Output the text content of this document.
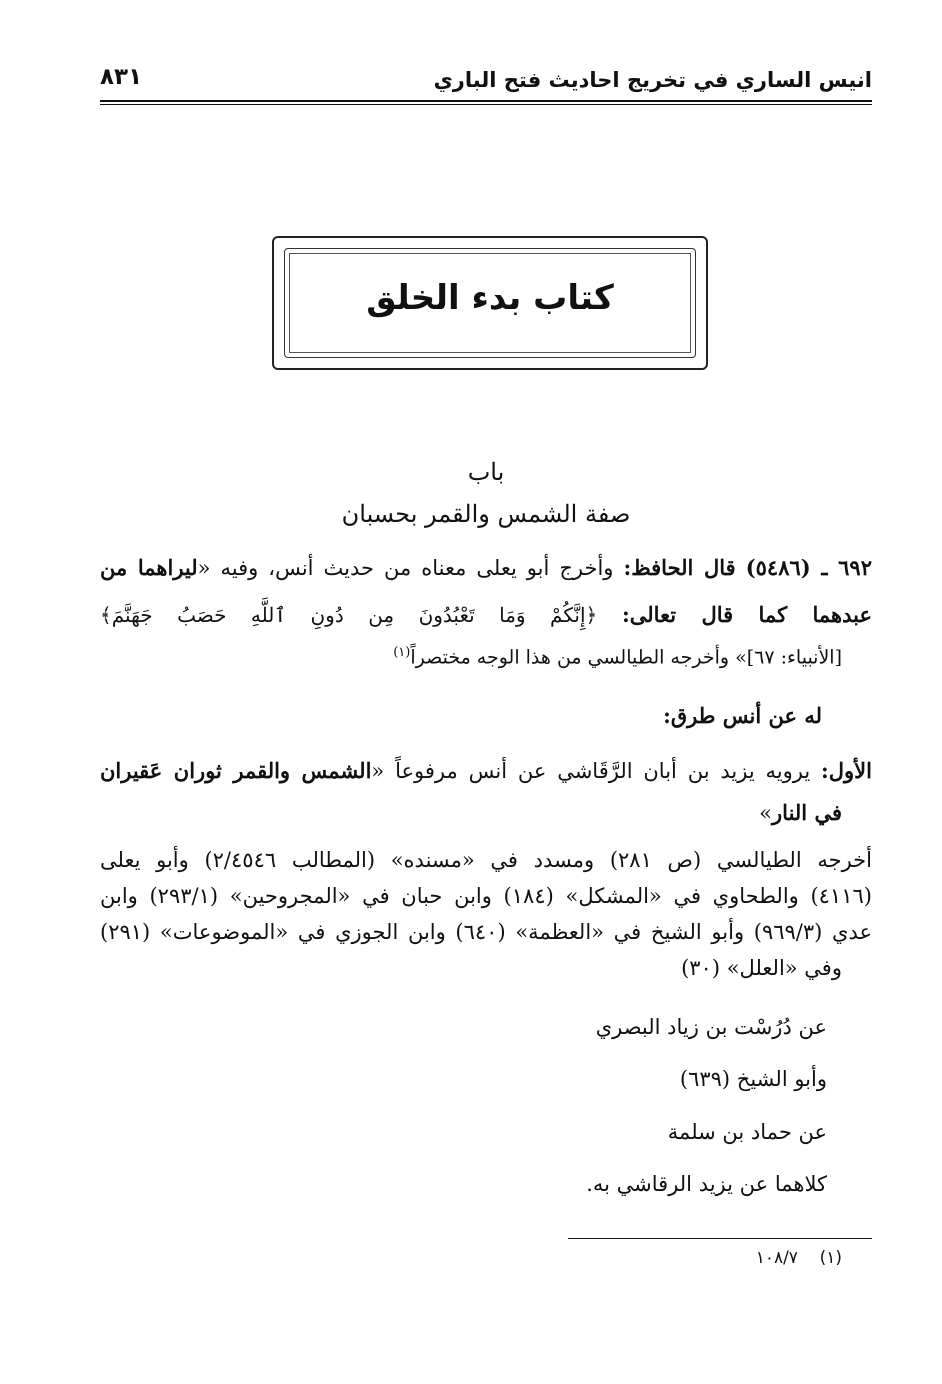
انيس الساري في تخريج احاديث فتح الباري
٨٣١
كتاب بدء الخلق
باب
صفة الشمس والقمر بحسبان
٦٩٢ ـ (٥٤٨٦) قال الحافظ: وأخرج أبو يعلى معناه من حديث أنس، وفيه «ليراهما من
عبدهما كما قال تعالى: ﴿إِنَّكُمْ وَمَا تَعْبُدُونَ مِن دُونِ ٱللَّهِ حَصَبُ جَهَنَّمَ﴾
[الأنبياء: ٦٧]» وأخرجه الطيالسي من هذا الوجه مختصراً$^{(١)}$
له عن أنس طرق:
الأول: يرويه يزيد بن أبان الرَّقَاشي عن أنس مرفوعاً «الشمس والقمر ثوران عَقيران
في النار»
أخرجه الطيالسي (ص ٢٨١) ومسدد في «مسنده» (المطالب ٢/٤٥٤٦) وأبو يعلى
(٤١١٦) والطحاوي في «المشكل» (١٨٤) وابن حبان في «المجروحين» (٢٩٣/١) وابن
عدي (٩٦٩/٣) وأبو الشيخ في «العظمة» (٦٤٠) وابن الجوزي في «الموضوعات» (٢٩١)
وفي «العلل» (٣٠)
عن دُرُسْت بن زياد البصري
وأبو الشيخ (٦٣٩)
عن حماد بن سلمة
كلاهما عن يزيد الرقاشي به.
(١)    ١٠٨/٧
